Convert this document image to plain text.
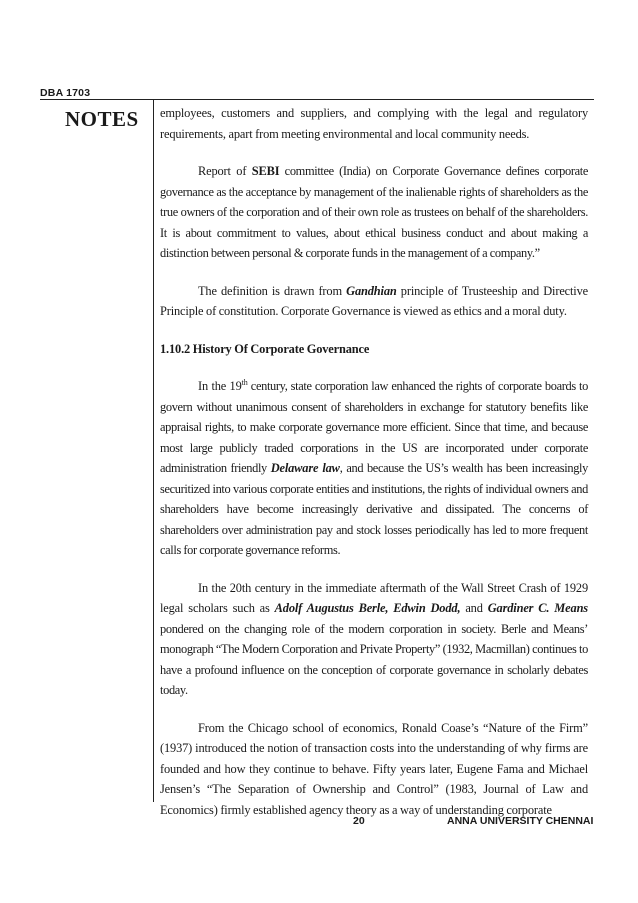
DBA 1703
NOTES employees, customers and suppliers, and complying with the legal and regulatory requirements, apart from meeting environmental and local community needs.

Report of SEBI committee (India) on Corporate Governance defines corporate governance as the acceptance by management of the inalienable rights of shareholders as the true owners of the corporation and of their own role as trustees on behalf of the shareholders. It is about commitment to values, about ethical business conduct and about making a distinction between personal & corporate funds in the management of a company.”

The definition is drawn from Gandhian principle of Trusteeship and Directive Principle of constitution. Corporate Governance is viewed as ethics and a moral duty.

1.10.2 History Of Corporate Governance

In the 19th century, state corporation law enhanced the rights of corporate boards to govern without unanimous consent of shareholders in exchange for statutory benefits like appraisal rights, to make corporate governance more efficient. Since that time, and because most large publicly traded corporations in the US are incorporated under corporate administration friendly Delaware law, and because the US’s wealth has been increasingly securitized into various corporate entities and institutions, the rights of individual owners and shareholders have become increasingly derivative and dissipated. The concerns of shareholders over administration pay and stock losses periodically has led to more frequent calls for corporate governance reforms.

In the 20th century in the immediate aftermath of the Wall Street Crash of 1929 legal scholars such as Adolf Augustus Berle, Edwin Dodd, and Gardiner C. Means pondered on the changing role of the modern corporation in society. Berle and Means’ monograph “The Modern Corporation and Private Property” (1932, Macmillan) continues to have a profound influence on the conception of corporate governance in scholarly debates today.

From the Chicago school of economics, Ronald Coase’s “Nature of the Firm” (1937) introduced the notion of transaction costs into the understanding of why firms are founded and how they continue to behave. Fifty years later, Eugene Fama and Michael Jensen’s “The Separation of Ownership and Control” (1983, Journal of Law and Economics) firmly established agency theory as a way of understanding corporate

20	ANNA UNIVERSITY CHENNAI
